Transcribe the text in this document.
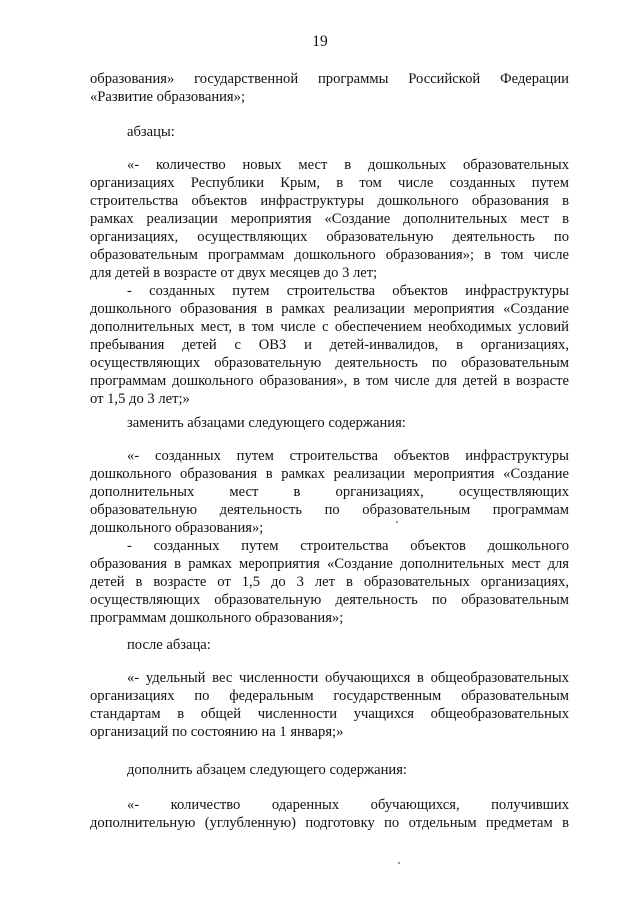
19
образования» государственной программы Российской Федерации
«Развитие образования»;
абзацы:
«- количество новых мест в дошкольных образовательных
организациях Республики Крым, в том числе созданных путем
строительства объектов инфраструктуры дошкольного образования в
рамках реализации мероприятия «Создание дополнительных мест в
организациях, осуществляющих образовательную деятельность по
образовательным программам дошкольного образования»; в том числе
для детей в возрасте от двух месяцев до 3 лет;
- созданных путем строительства объектов инфраструктуры
дошкольного образования в рамках реализации мероприятия «Создание
дополнительных мест, в том числе с обеспечением необходимых условий
пребывания детей с ОВЗ и детей-инвалидов, в организациях,
осуществляющих образовательную деятельность по образовательным
программам дошкольного образования», в том числе для детей в возрасте
от 1,5 до 3 лет;»
заменить абзацами следующего содержания:
«- созданных путем строительства объектов инфраструктуры
дошкольного образования в рамках реализации мероприятия «Создание
дополнительных мест в организациях, осуществляющих
образовательную деятельность по образовательным программам
дошкольного образования»;
- созданных путем строительства объектов дошкольного
образования в рамках мероприятия «Создание дополнительных мест для
детей в возрасте от 1,5 до 3 лет в образовательных организациях,
осуществляющих образовательную деятельность по образовательным
программам дошкольного образования»;
после абзаца:
«- удельный вес численности обучающихся в общеобразовательных
организациях по федеральным государственным образовательным
стандартам в общей численности учащихся общеобразовательных
организаций по состоянию на 1 января;»
дополнить абзацем следующего содержания:
«- количество одаренных обучающихся, получивших
дополнительную (углубленную) подготовку по отдельным предметам в
